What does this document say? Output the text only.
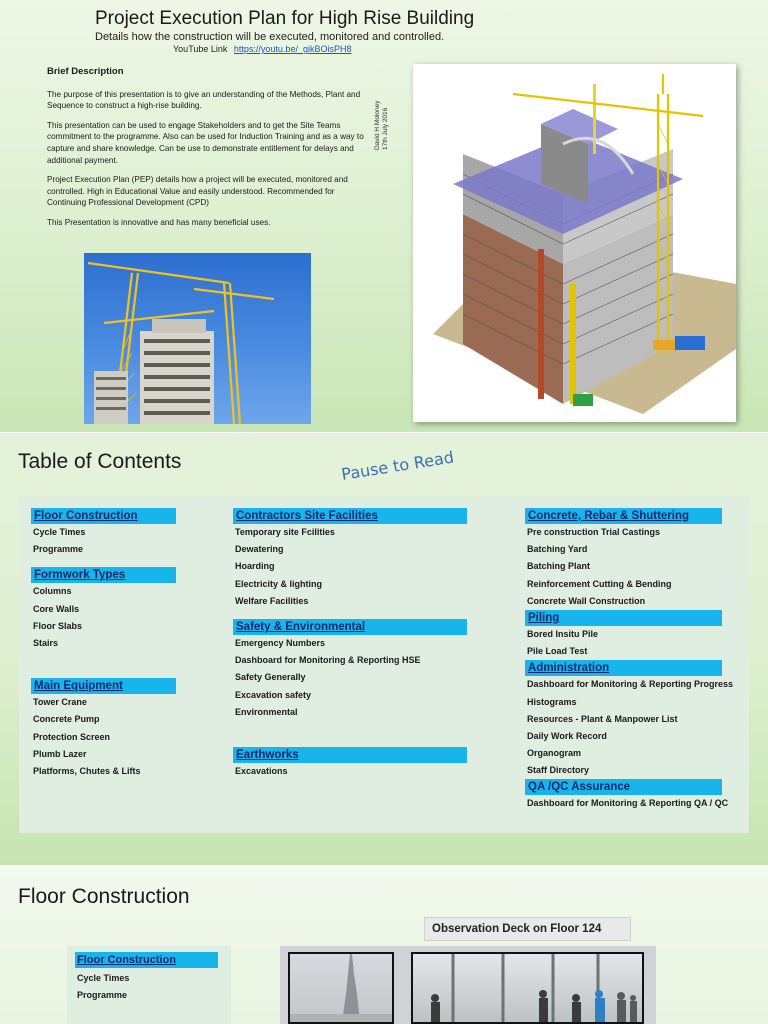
Project Execution Plan for High Rise Building
Details how the construction will be executed, monitored and controlled.
YouTube Link https://youtu.be/_gikBOisPH8
Brief Description

The purpose of this presentation is to give an understanding of the Methods, Plant and Sequence to construct a high-rise building.

This presentation can be used to engage Stakeholders and to get the Site Teams commitment to the programme. Also can be used for Induction Training and as a way to capture and share knowledge. Can be use to demonstrate entitlement for delays and additional payment.

Project Execution Plan (PEP) details how a project will be executed, monitored and controlled. High in Educational Value and easily understood. Recommended for Continuing Professional Development (CPD)

This Presentation is innovative and has many beneficial uses.

David H Moloney 17th July 2016
Table of Contents	Pause to Read
Floor Construction
Cycle Times
Programme
Formwork Types
Columns
Core Walls
Floor Slabs
Stairs
Main Equipment
Tower Crane
Concrete Pump
Protection Screen
Plumb Lazer
Platforms, Chutes & Lifts
Contractors Site Facilities
Temporary site Fcilities
Dewatering
Hoarding
Electricity & lighting
Welfare Facilities
Safety & Environmental
Emergency Numbers
Dashboard for Monitoring & Reporting HSE
Safety Generally
Excavation safety
Environmental
Earthworks
Excavations
Concrete, Rebar & Shuttering
Pre construction Trial Castings
Batching Yard
Batching Plant
Reinforcement Cutting & Bending
Concrete Wall Construction
Piling
Bored Insitu Pile
Pile Load Test
Administration
Dashboard for Monitoring & Reporting Progress
Histograms
Resources - Plant & Manpower List
Daily Work Record
Organogram
Staff Directory
QA /QC Assurance
Dashboard for Monitoring & Reporting QA / QC
Floor Construction
Floor Construction
Cycle Times
Programme
Observation Deck on Floor 124
